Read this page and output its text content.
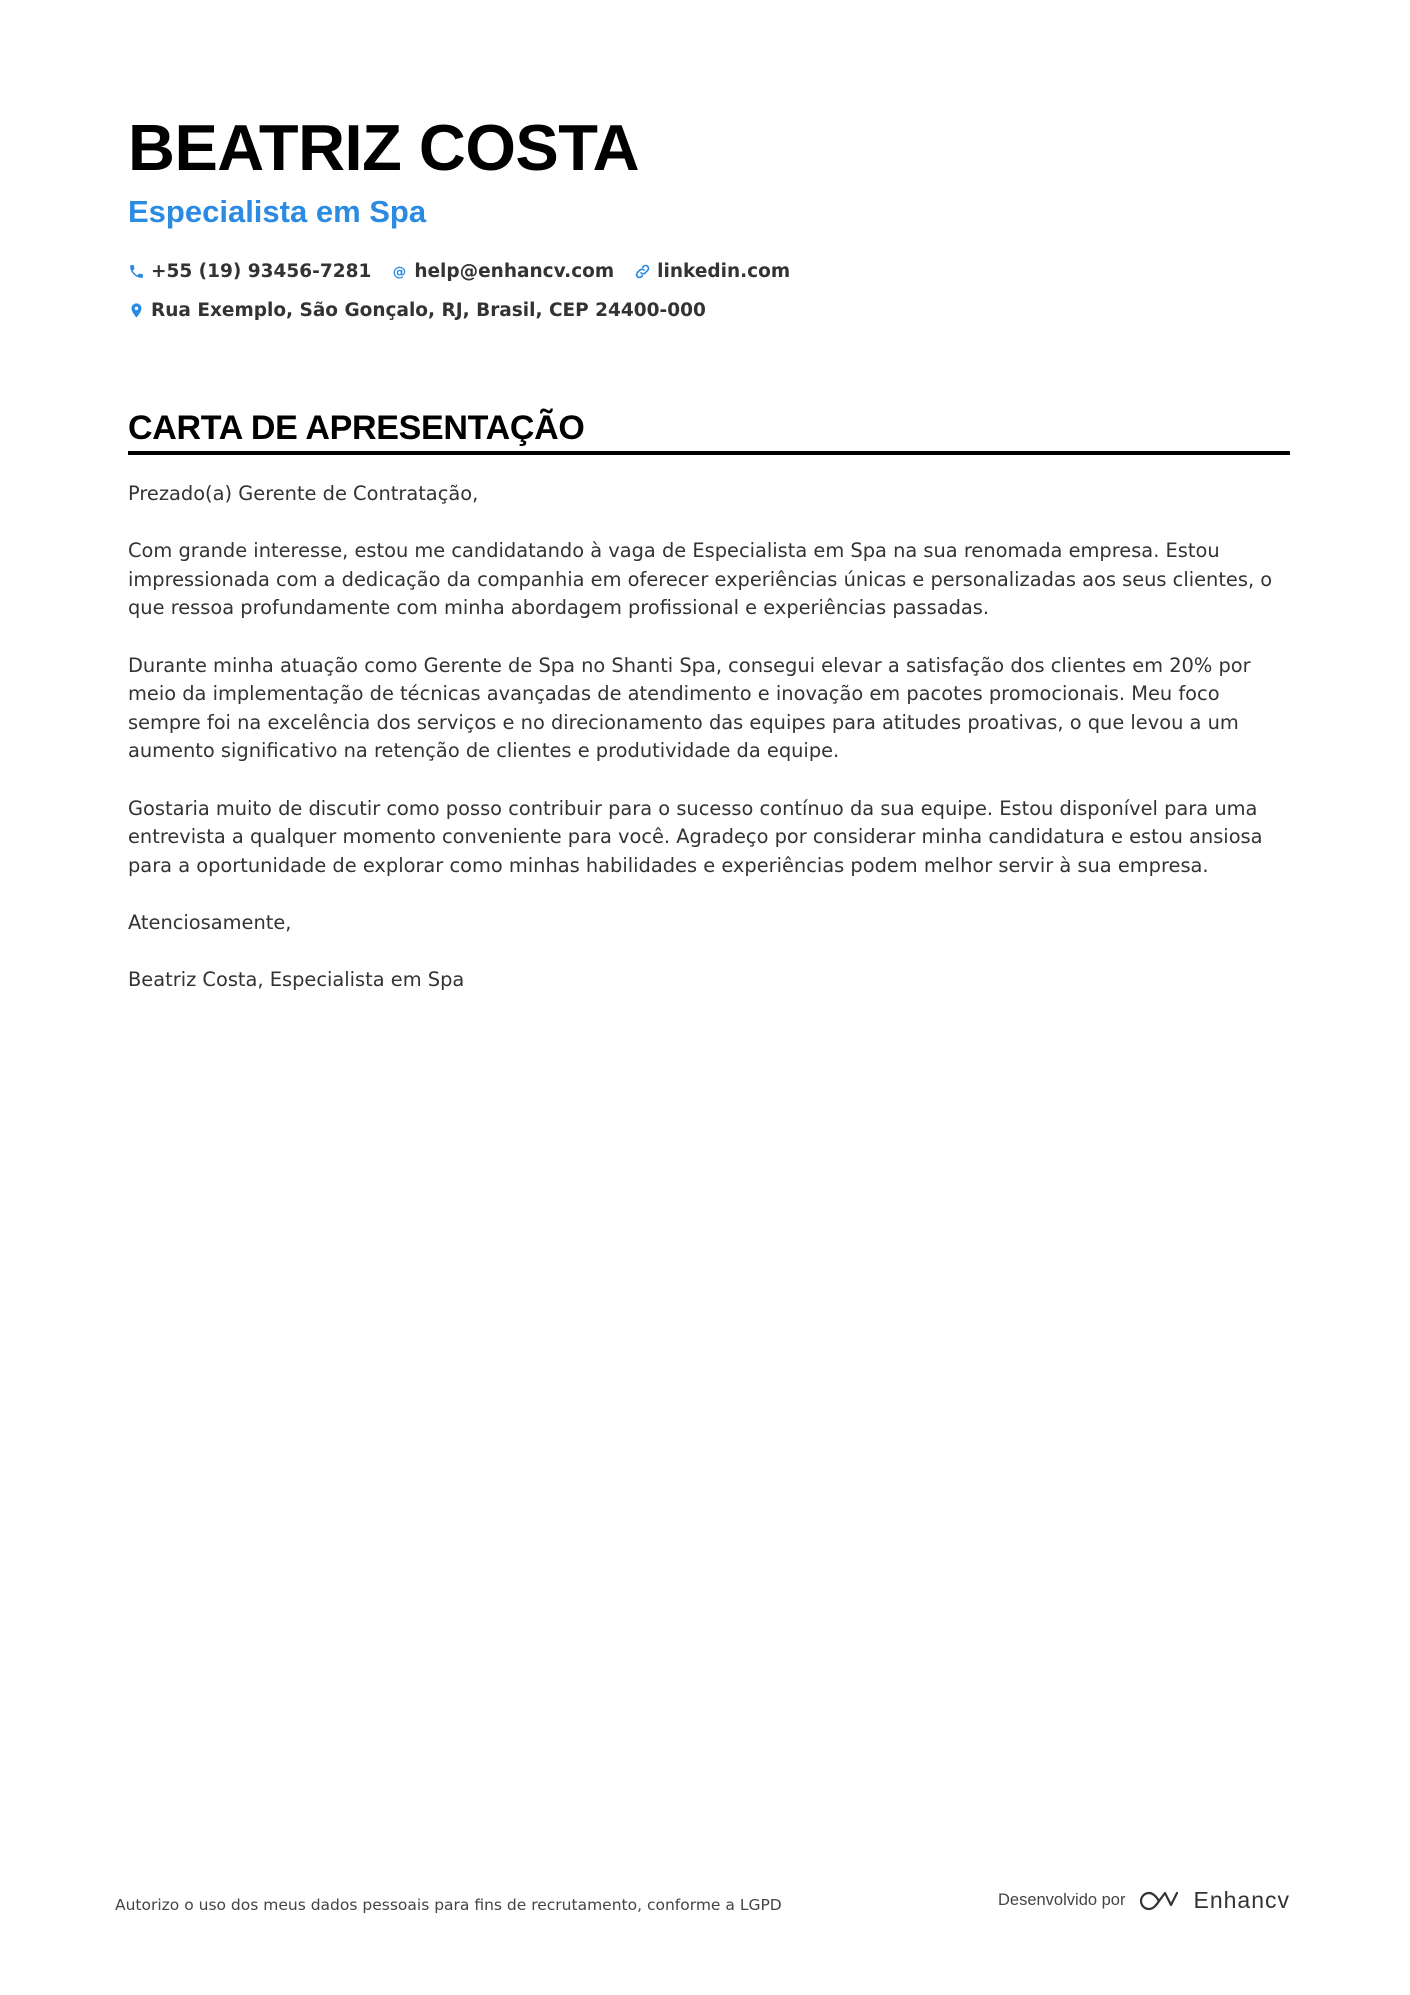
BEATRIZ COSTA
Especialista em Spa
+55 (19) 93456-7281 @ help@enhancv.com linkedin.com
Rua Exemplo, São Gonçalo, RJ, Brasil, CEP 24400-000
CARTA DE APRESENTAÇÃO

Prezado(a) Gerente de Contratação,

Com grande interesse, estou me candidatando à vaga de Especialista em Spa na sua renomada empresa. Estou impressionada com a dedicação da companhia em oferecer experiências únicas e personalizadas aos seus clientes, o que ressoa profundamente com minha abordagem profissional e experiências passadas.

Durante minha atuação como Gerente de Spa no Shanti Spa, consegui elevar a satisfação dos clientes em 20% por meio da implementação de técnicas avançadas de atendimento e inovação em pacotes promocionais. Meu foco sempre foi na excelência dos serviços e no direcionamento das equipes para atitudes proativas, o que levou a um aumento significativo na retenção de clientes e produtividade da equipe.

Gostaria muito de discutir como posso contribuir para o sucesso contínuo da sua equipe. Estou disponível para uma entrevista a qualquer momento conveniente para você. Agradeço por considerar minha candidatura e estou ansiosa para a oportunidade de explorar como minhas habilidades e experiências podem melhor servir à sua empresa.

Atenciosamente,

Beatriz Costa, Especialista em Spa

Autorizo o uso dos meus dados pessoais para fins de recrutamento, conforme a LGPD	Desenvolvido por	Enhancv
